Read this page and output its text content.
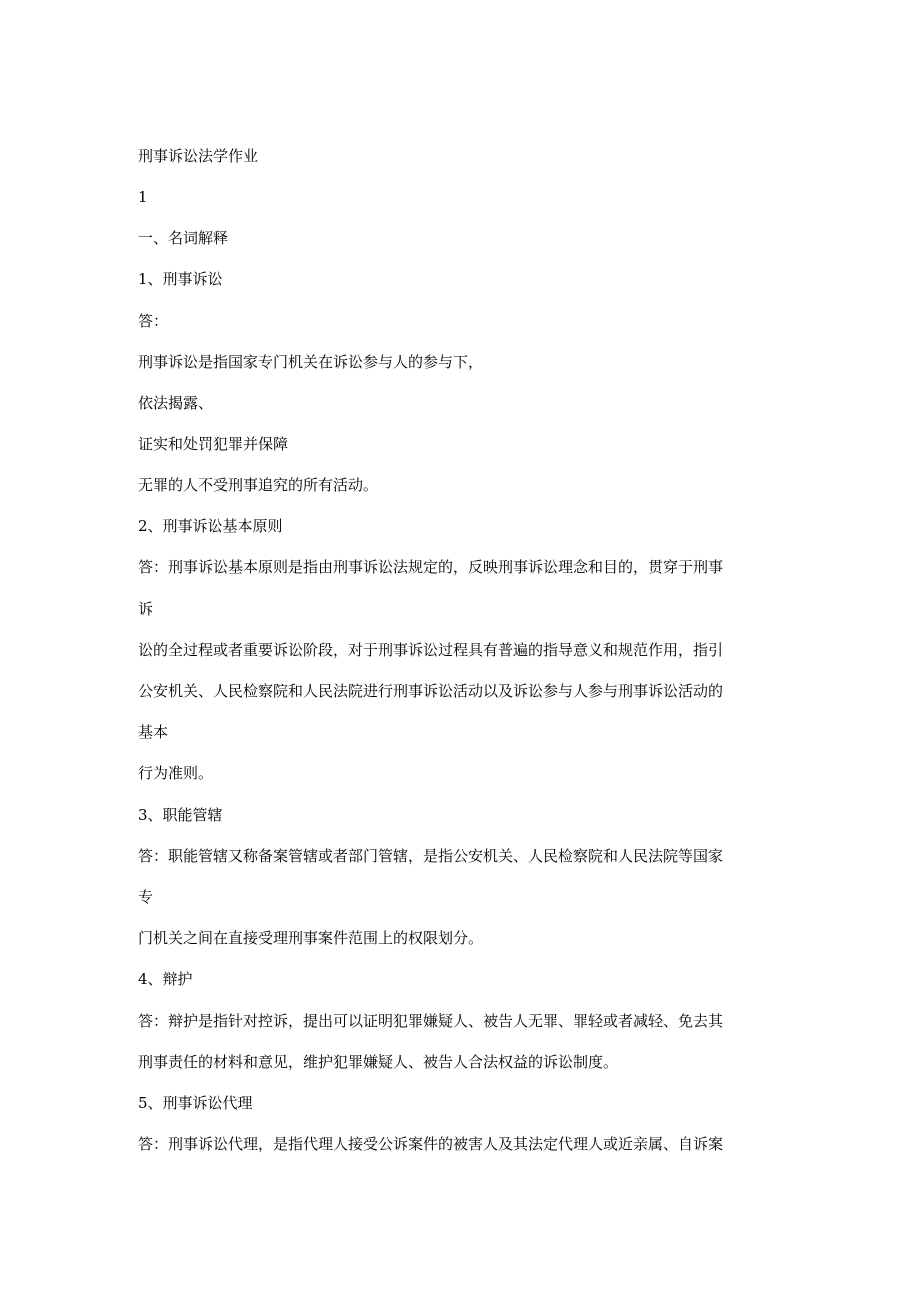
刑事诉讼法学作业

1

一、名词解释

1、刑事诉讼

答：

刑事诉讼是指国家专门机关在诉讼参与人的参与下，

依法揭露、

证实和处罚犯罪并保障

无罪的人不受刑事追究的所有活动。

2、刑事诉讼基本原则

答：刑事诉讼基本原则是指由刑事诉讼法规定的，反映刑事诉讼理念和目的，贯穿于刑事

诉

讼的全过程或者重要诉讼阶段，对于刑事诉讼过程具有普遍的指导意义和规范作用，指引

公安机关、人民检察院和人民法院进行刑事诉讼活动以及诉讼参与人参与刑事诉讼活动的

基本

行为准则。

3、职能管辖

答：职能管辖又称备案管辖或者部门管辖，是指公安机关、人民检察院和人民法院等国家

专

门机关之间在直接受理刑事案件范围上的权限划分。

4、辩护

答：辩护是指针对控诉，提出可以证明犯罪嫌疑人、被告人无罪、罪轻或者减轻、免去其

刑事责任的材料和意见，维护犯罪嫌疑人、被告人合法权益的诉讼制度。

5、刑事诉讼代理

答：刑事诉讼代理，是指代理人接受公诉案件的被害人及其法定代理人或近亲属、自诉案
